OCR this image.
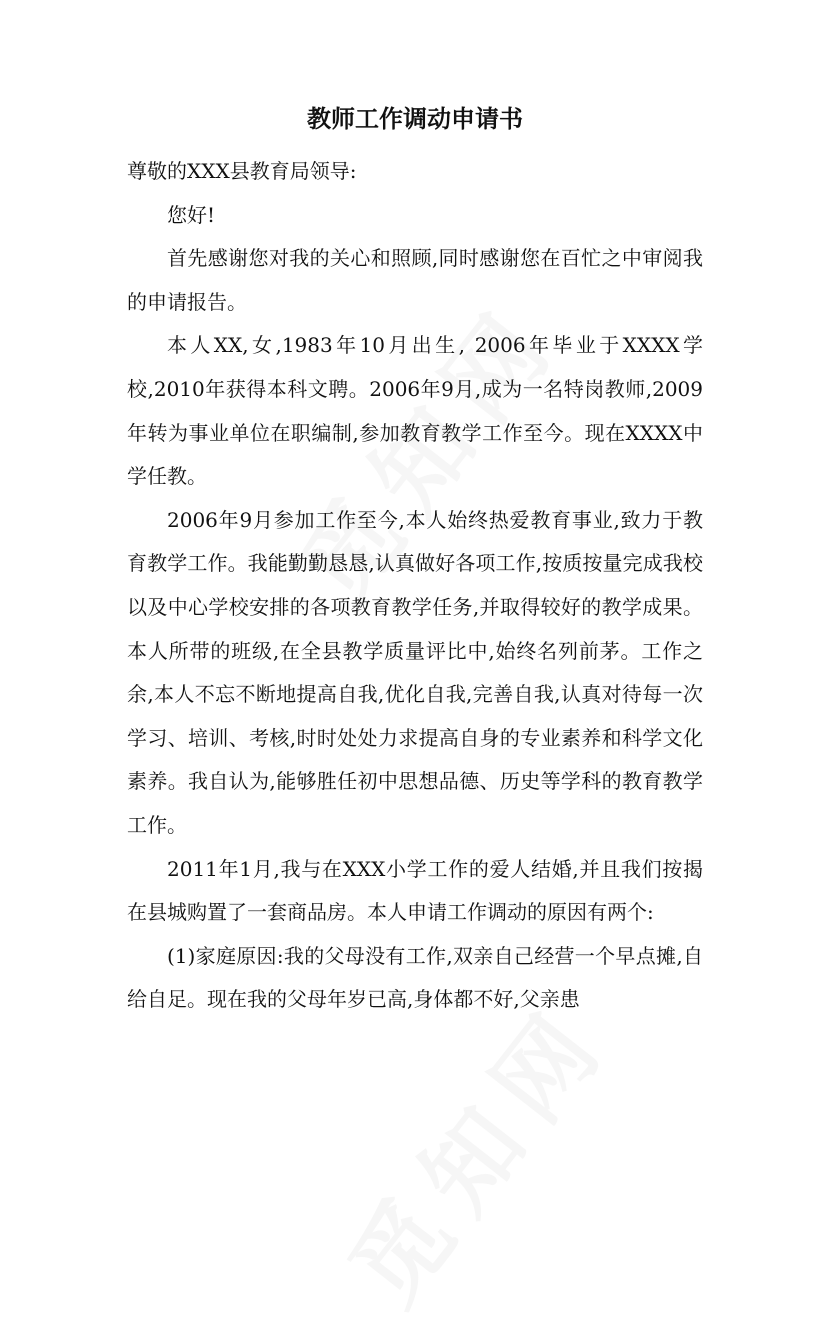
教师工作调动申请书

尊敬的XXX县教育局领导:

您好!

首先感谢您对我的关心和照顾,同时感谢您在百忙之中审阅我的申请报告。

本人XX,女,1983年10月出生, 2006年毕业于XXXX学校,2010年获得本科文聘。2006年9月,成为一名特岗教师,2009年转为事业单位在职编制,参加教育教学工作至今。现在XXXX中学任教。

2006年9月参加工作至今,本人始终热爱教育事业,致力于教育教学工作。我能勤勤恳恳,认真做好各项工作,按质按量完成我校以及中心学校安排的各项教育教学任务,并取得较好的教学成果。本人所带的班级,在全县教学质量评比中,始终名列前茅。工作之余,本人不忘不断地提高自我,优化自我,完善自我,认真对待每一次学习、培训、考核,时时处处力求提高自身的专业素养和科学文化素养。我自认为,能够胜任初中思想品德、历史等学科的教育教学工作。

2011年1月,我与在XXX小学工作的爱人结婚,并且我们按揭在县城购置了一套商品房。本人申请工作调动的原因有两个:

(1)家庭原因:我的父母没有工作,双亲自己经营一个早点摊,自给自足。现在我的父母年岁已高,身体都不好,父亲患
